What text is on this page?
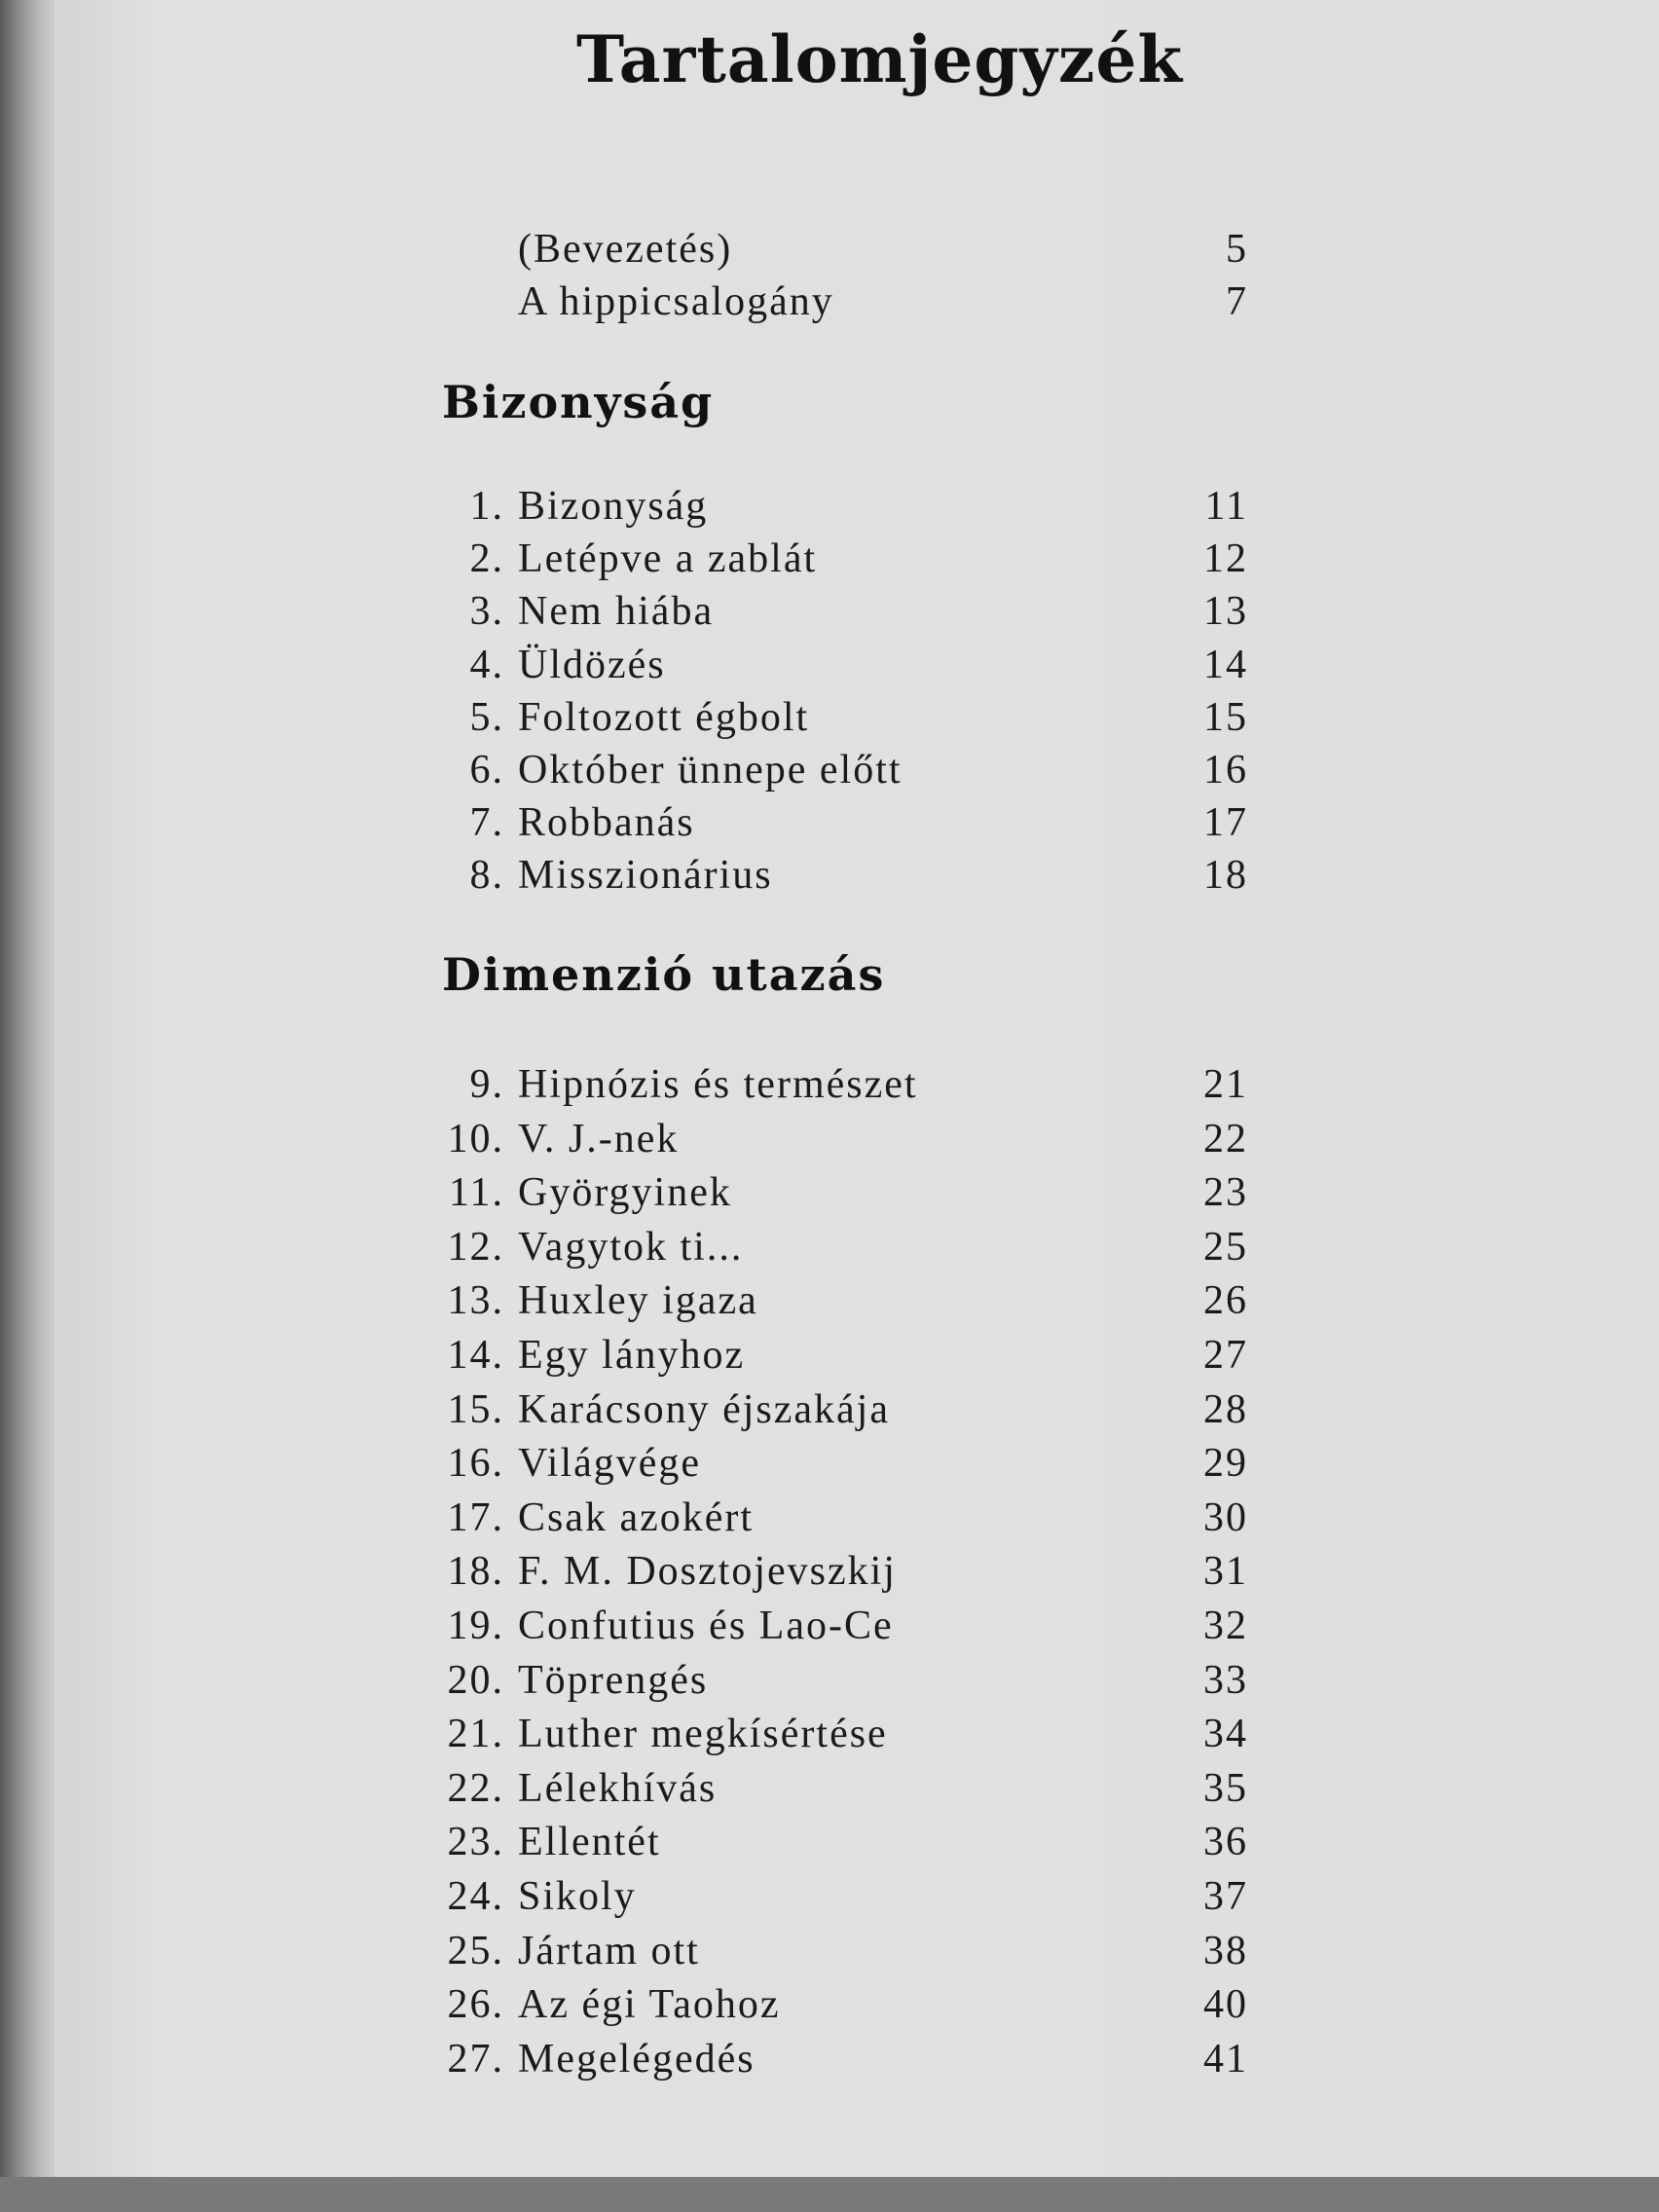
Tartalomjegyzék
(Bevezetés)	5
A hippicsalogány	7
Bizonyság
1. Bizonyság	11
2. Letépve a zablát	12
3. Nem hiába	13
4. Üldözés	14
5. Foltozott égbolt	15
6. Október ünnepe előtt	16
7. Robbanás	17
8. Misszionárius	18
Dimenzió utazás
9. Hipnózis és természet	21
10. V. J.-nek	22
11. Györgyinek	23
12. Vagytok ti...	25
13. Huxley igaza	26
14. Egy lányhoz	27
15. Karácsony éjszakája	28
16. Világvége	29
17. Csak azokért	30
18. F. M. Dosztojevszkij	31
19. Confutius és Lao-Ce	32
20. Töprengés	33
21. Luther megkísértése	34
22. Lélekhívás	35
23. Ellentét	36
24. Sikoly	37
25. Jártam ott	38
26. Az égi Taohoz	40
27. Megelégedés	41
